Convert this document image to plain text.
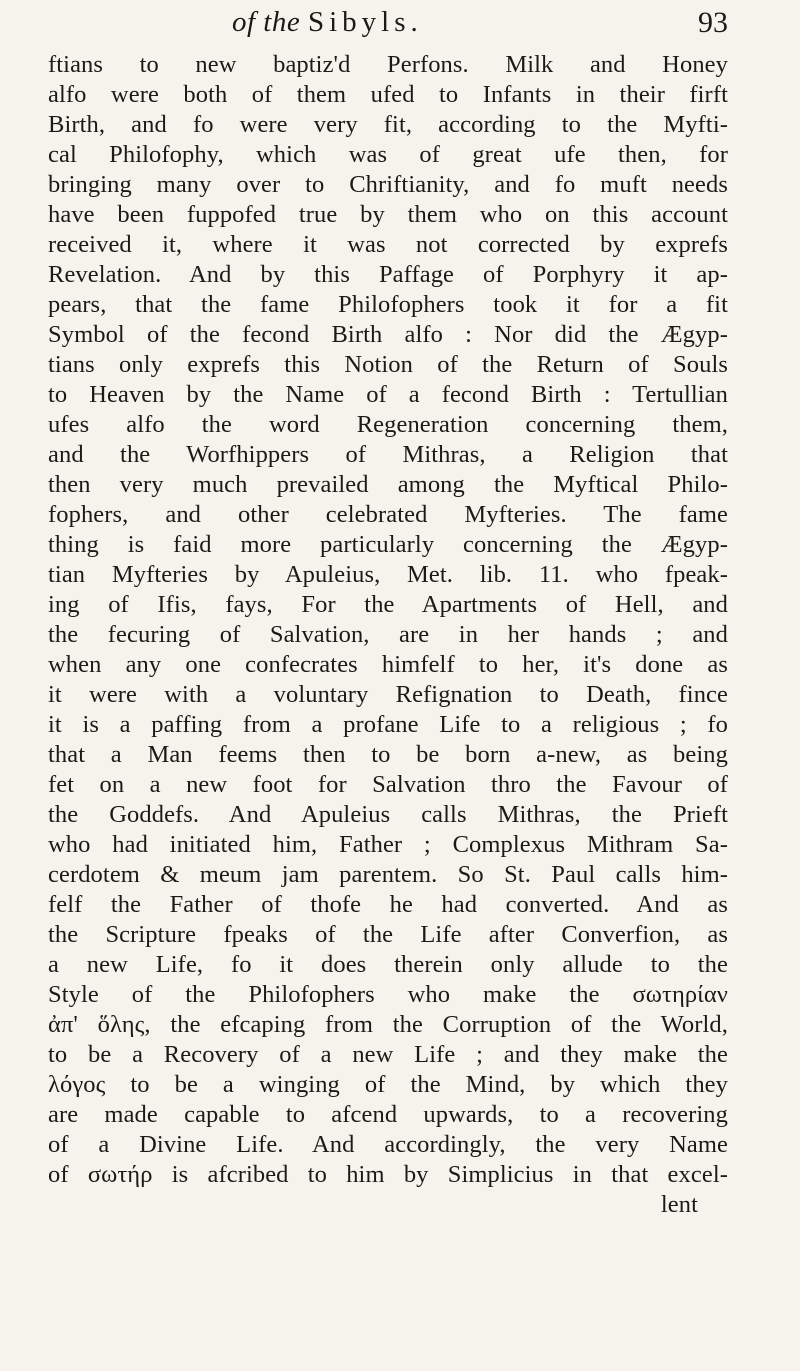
of the Sibyls.	93
ftians to new baptiz'd Perfons. Milk and Honey
alfo were both of them ufed to Infants in their firft
Birth, and fo were very fit, according to the Myfti-
cal Philofophy, which was of great ufe then, for
bringing many over to Chriftianity, and fo muft needs
have been fuppofed true by them who on this account
received it, where it was not corrected by exprefs
Revelation. And by this Paffage of Porphyry it ap-
pears, that the fame Philofophers took it for a fit
Symbol of the fecond Birth alfo : Nor did the Ægyp-
tians only exprefs this Notion of the Return of Souls
to Heaven by the Name of a fecond Birth : Tertullian
ufes alfo the word Regeneration concerning them,
and the Worfhippers of Mithras, a Religion that
then very much prevailed among the Myftical Philo-
fophers, and other celebrated Myfteries. The fame
thing is faid more particularly concerning the Ægyp-
tian Myfteries by Apuleius, Met. lib. 11. who fpeak-
ing of Ifis, fays, For the Apartments of Hell, and
the fecuring of Salvation, are in her hands ; and
when any one confecrates himfelf to her, it's done as
it were with a voluntary Refignation to Death, fince
it is a paffing from a profane Life to a religious ; fo
that a Man feems then to be born a-new, as being
fet on a new foot for Salvation thro the Favour of
the Goddefs. And Apuleius calls Mithras, the Prieft
who had initiated him, Father ; Complexus Mithram Sa-
cerdotem & meum jam parentem. So St. Paul calls him-
felf the Father of thofe he had converted. And as
the Scripture fpeaks of the Life after Converfion, as
a new Life, fo it does therein only allude to the
Style of the Philofophers who make the σωτηρίαν
ἀπ' ὅλης, the efcaping from the Corruption of the World,
to be a Recovery of a new Life ; and they make the
λόγος to be a winging of the Mind, by which they
are made capable to afcend upwards, to a recovering
of a Divine Life. And accordingly, the very Name
of σωτήρ is afcribed to him by Simplicius in that excel-
lent
